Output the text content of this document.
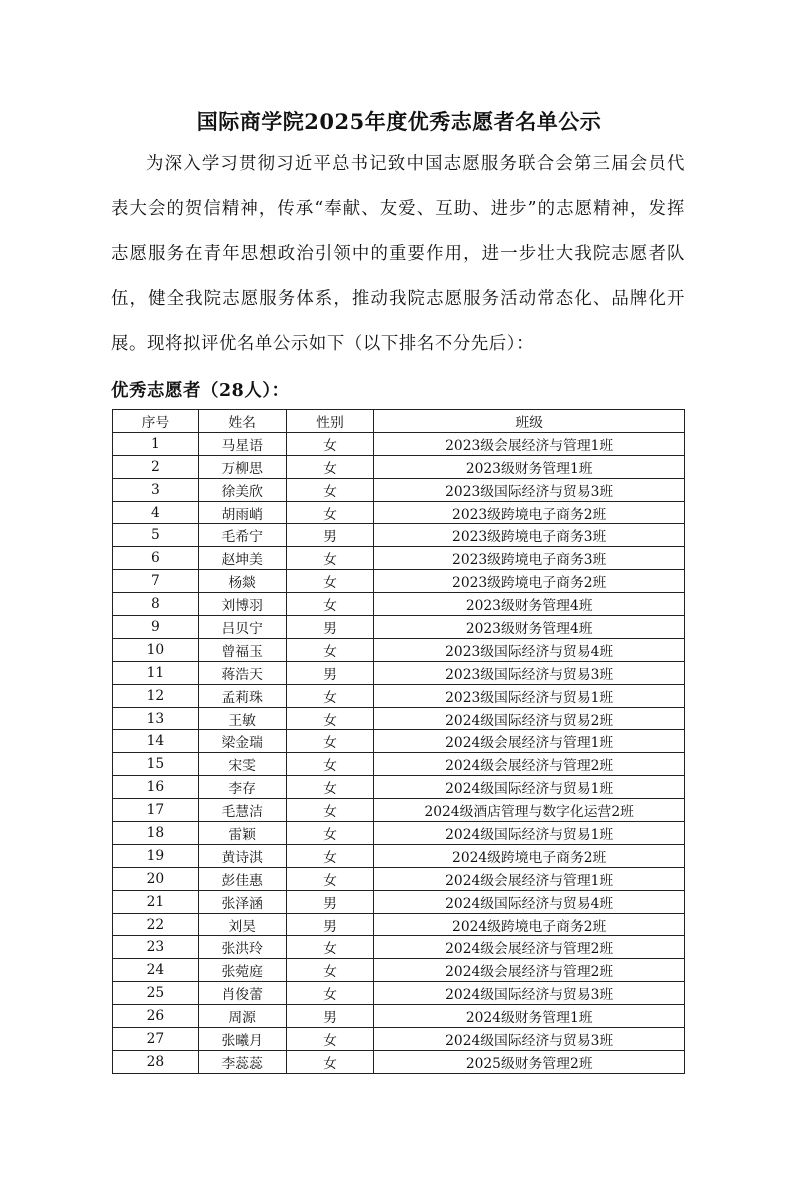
国际商学院2025年度优秀志愿者名单公示

为深入学习贯彻习近平总书记致中国志愿服务联合会第三届会员代表大会的贺信精神，传承“奉献、友爱、互助、进步”的志愿精神，发挥志愿服务在青年思想政治引领中的重要作用，进一步壮大我院志愿者队伍，健全我院志愿服务体系，推动我院志愿服务活动常态化、品牌化开展。现将拟评优名单公示如下（以下排名不分先后）：

优秀志愿者（28人）：
序号	姓名	性别	班级
1	马星语	女	2023级会展经济与管理1班
2	万柳思	女	2023级财务管理1班
3	徐美欣	女	2023级国际经济与贸易3班
4	胡雨峭	女	2023级跨境电子商务2班
5	毛希宁	男	2023级跨境电子商务3班
6	赵坤美	女	2023级跨境电子商务3班
7	杨燚	女	2023级跨境电子商务2班
8	刘博羽	女	2023级财务管理4班
9	吕贝宁	男	2023级财务管理4班
10	曾福玉	女	2023级国际经济与贸易4班
11	蒋浩天	男	2023级国际经济与贸易3班
12	孟莉珠	女	2023级国际经济与贸易1班
13	王敏	女	2024级国际经济与贸易2班
14	梁金瑞	女	2024级会展经济与管理1班
15	宋雯	女	2024级会展经济与管理2班
16	李存	女	2024级国际经济与贸易1班
17	毛慧洁	女	2024级酒店管理与数字化运营2班
18	雷颖	女	2024级国际经济与贸易1班
19	黄诗淇	女	2024级跨境电子商务2班
20	彭佳惠	女	2024级会展经济与管理1班
21	张泽涵	男	2024级国际经济与贸易4班
22	刘昊	男	2024级跨境电子商务2班
23	张洪玲	女	2024级会展经济与管理2班
24	张菀庭	女	2024级会展经济与管理2班
25	肖俊蕾	女	2024级国际经济与贸易3班
26	周源	男	2024级财务管理1班
27	张曦月	女	2024级国际经济与贸易3班
28	李蕊蕊	女	2025级财务管理2班
